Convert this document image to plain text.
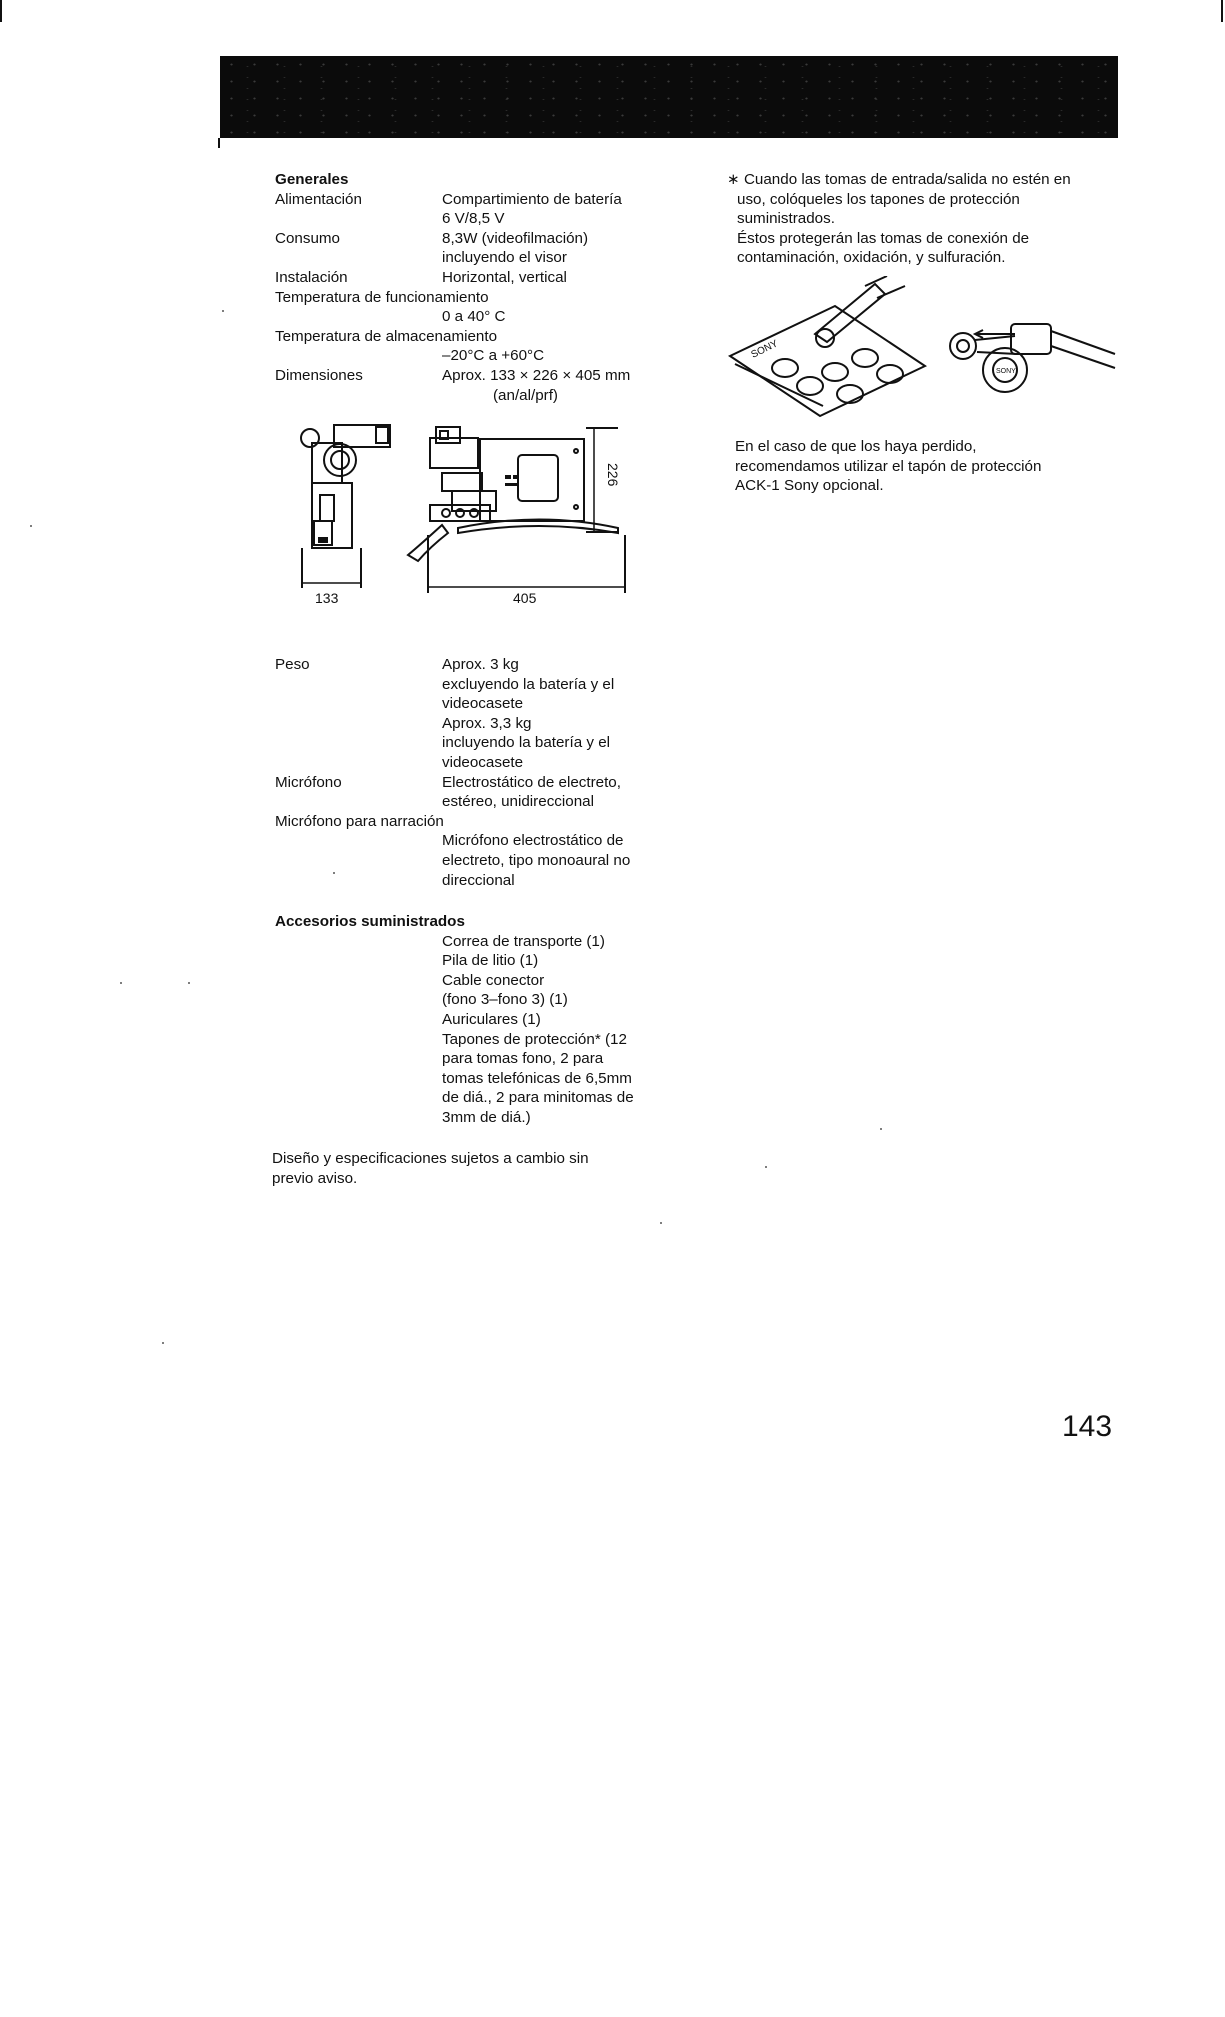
Generales
Alimentación	Compartimiento de batería
6 V/8,5 V
Consumo	8,3W (videofilmación)
incluyendo el visor
Instalación	Horizontal, vertical
Temperatura de funcionamiento
0 a 40° C
Temperatura de almacenamiento
–20°C a +60°C
Dimensiones	Aprox. 133 × 226 × 405 mm
(an/al/prf)
133	405
226
Peso	Aprox. 3 kg
excluyendo la batería y el
videocasete
Aprox. 3,3 kg
incluyendo la batería y el
videocasete
Micrófono	Electrostático de electreto,
estéreo, unidireccional
Micrófono para narración
Micrófono electrostático de
electreto, tipo monoaural no
direccional
Accesorios suministrados
Correa de transporte (1)
Pila de litio (1)
Cable conector
(fono 3–fono 3) (1)
Auriculares (1)
Tapones de protección* (12
para tomas fono, 2 para
tomas telefónicas de 6,5mm
de diá., 2 para minitomas de
3mm de diá.)
Diseño y especificaciones sujetos a cambio sin
previo aviso.
∗ Cuando las tomas de entrada/salida no estén en
uso, colóqueles los tapones de protección
suministrados.
Éstos protegerán las tomas de conexión de
contaminación, oxidación, y sulfuración.
SONY
SONY
En el caso de que los haya perdido,
recomendamos utilizar el tapón de protección
ACK-1 Sony opcional.
143
